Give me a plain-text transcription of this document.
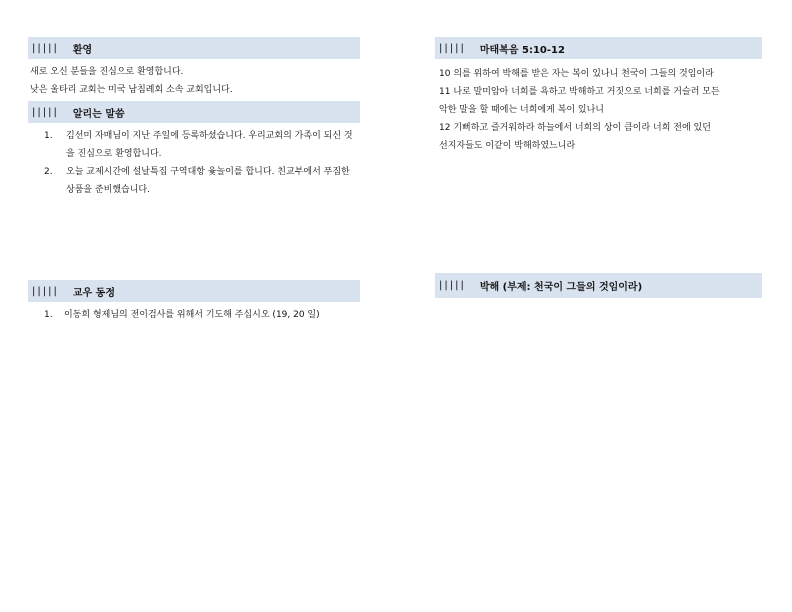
||||| 환영

새로 오신 분들을 진심으로 환영합니다.

낮은 울타리 교회는 미국 남침례회 소속 교회입니다.

||||| 알리는 말씀
1. 김선미 자매님이 지난 주일에 등록하셨습니다. 우리교회의 가족이 되신 것을 진심으로 환영합니다.
2. 오늘 교제시간에 설날특집 구역대항 윷놀이를 합니다. 친교부에서 푸짐한 상품을 준비했습니다.
||||| 교우 동정
1. 이동희 형제님의 전이검사를 위해서 기도해 주십시오 (19, 20 일)
||||| 마태복음 5:10-12

10 의를 위하여 박해를 받은 자는 복이 있나니 천국이 그들의 것임이라

11 나로 말미암아 너희를 욕하고 박해하고 거짓으로 너희를 거슬러 모든

악한 말을 할 때에는 너희에게 복이 있나니

12 기뻐하고 즐거워하라 하늘에서 너희의 상이 큼이라 너희 전에 있던

선지자들도 이같이 박해하였느니라

||||| 박해 (부제: 천국이 그들의 것임이라)
